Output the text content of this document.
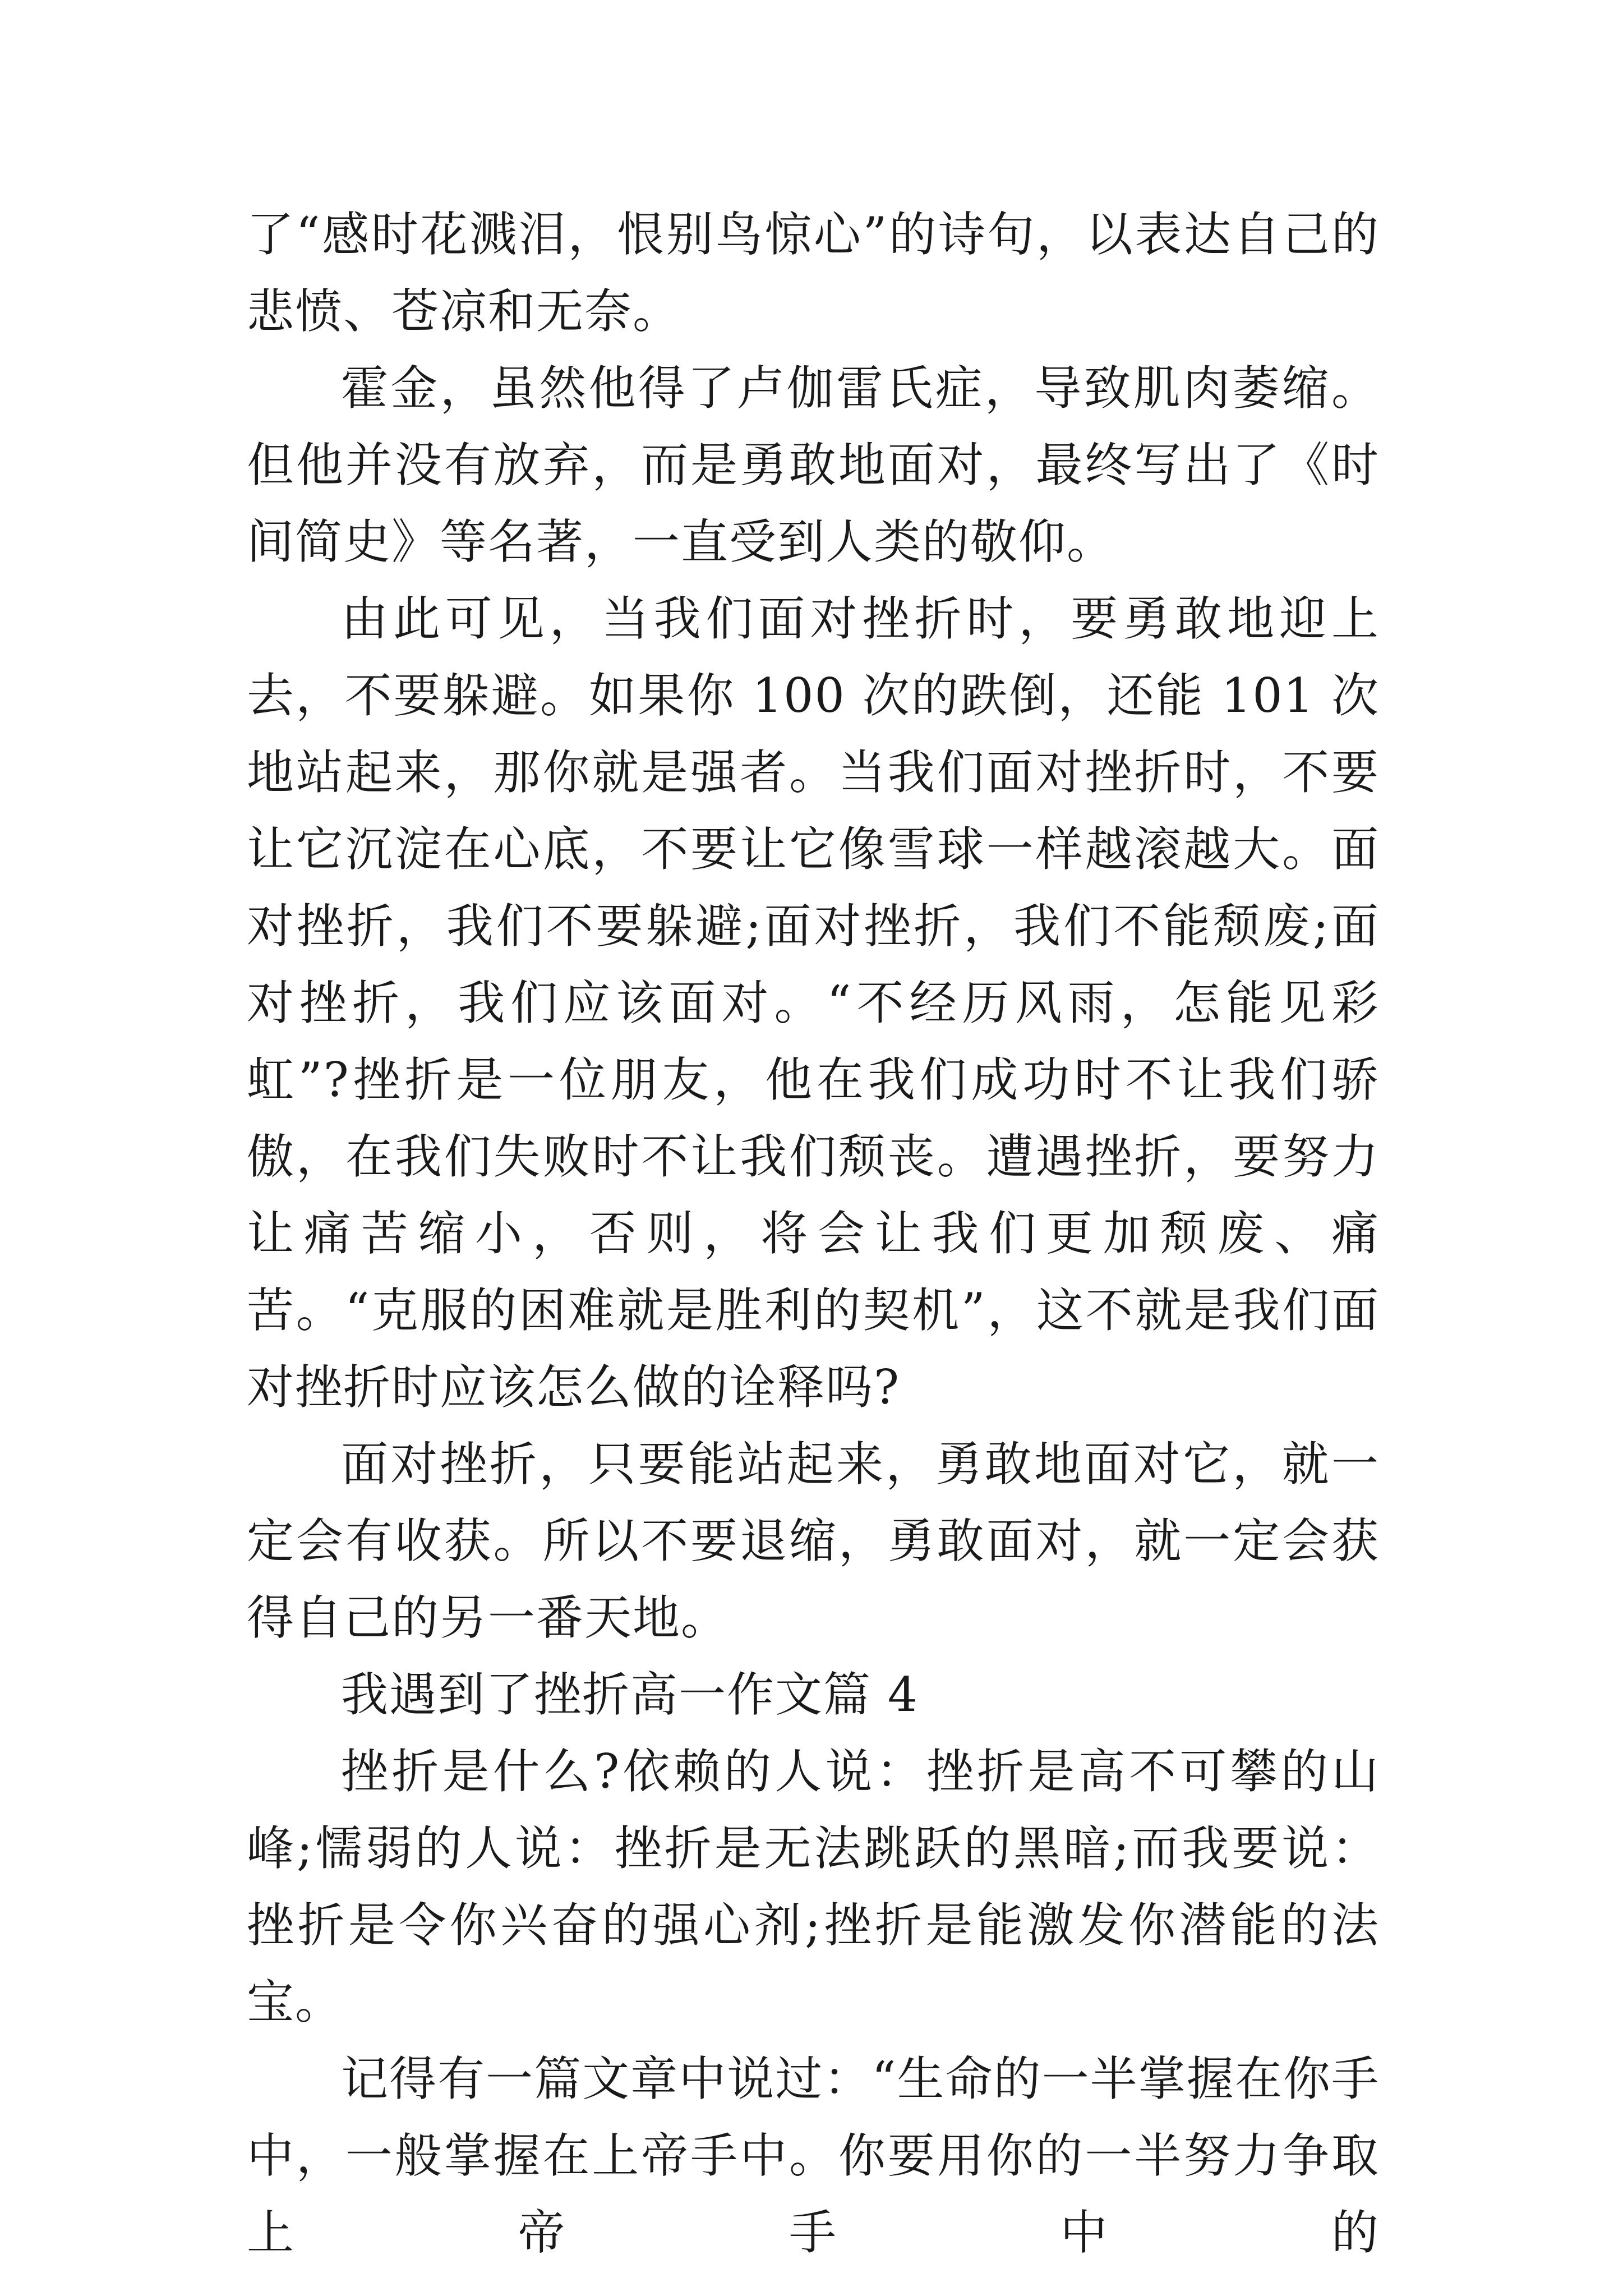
了“感时花溅泪，恨别鸟惊心”的诗句，以表达自己的悲愤、苍凉和无奈。

霍金，虽然他得了卢伽雷氏症，导致肌肉萎缩。但他并没有放弃，而是勇敢地面对，最终写出了《时间简史》等名著，一直受到人类的敬仰。

由此可见，当我们面对挫折时，要勇敢地迎上去，不要躲避。如果你 100 次的跌倒，还能 101 次地站起来，那你就是强者。当我们面对挫折时，不要让它沉淀在心底，不要让它像雪球一样越滚越大。面对挫折，我们不要躲避;面对挫折，我们不能颓废;面对挫折，我们应该面对。“不经历风雨，怎能见彩虹”?挫折是一位朋友，他在我们成功时不让我们骄傲，在我们失败时不让我们颓丧。遭遇挫折，要努力让痛苦缩小，否则，将会让我们更加颓废、痛苦。“克服的困难就是胜利的契机”，这不就是我们面对挫折时应该怎么做的诠释吗?

面对挫折，只要能站起来，勇敢地面对它，就一定会有收获。所以不要退缩，勇敢面对，就一定会获得自己的另一番天地。

我遇到了挫折高一作文篇 4

挫折是什么?依赖的人说：挫折是高不可攀的山峰;懦弱的人说：挫折是无法跳跃的黑暗;而我要说：挫折是令你兴奋的强心剂;挫折是能激发你潜能的法宝。

记得有一篇文章中说过：“生命的一半掌握在你手中，一般掌握在上帝手中。你要用你的一半努力争取上帝手中的
